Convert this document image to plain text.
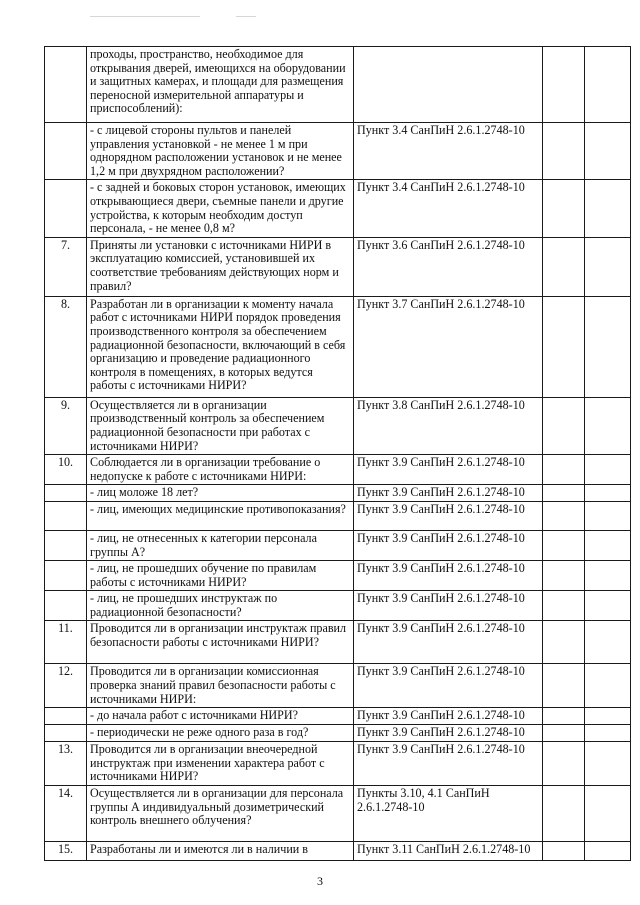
	проходы, пространство, необходимое для открывания дверей, имеющихся на оборудовании и защитных камерах, и площади для размещения переносной измерительной аппаратуры и приспособлений):			
	- с лицевой стороны пультов и панелей управления установкой - не менее 1 м при однорядном расположении установок и не менее 1,2 м при двухрядном расположении?	Пункт 3.4 СанПиН 2.6.1.2748-10		
	- с задней и боковых сторон установок, имеющих открывающиеся двери, съемные панели и другие устройства, к которым необходим доступ персонала, - не менее 0,8 м?	Пункт 3.4 СанПиН 2.6.1.2748-10		
7.	Приняты ли установки с источниками НИРИ в эксплуатацию комиссией, установившей их соответствие требованиям действующих норм и правил?	Пункт 3.6 СанПиН 2.6.1.2748-10		
8.	Разработан ли в организации к моменту начала работ с источниками НИРИ порядок проведения производственного контроля за обеспечением радиационной безопасности, включающий в себя организацию и проведение радиационного контроля в помещениях, в которых ведутся работы с источниками НИРИ?	Пункт 3.7 СанПиН 2.6.1.2748-10		
9.	Осуществляется ли в организации производственный контроль за обеспечением радиационной безопасности при работах с источниками НИРИ?	Пункт 3.8 СанПиН 2.6.1.2748-10		
10.	Соблюдается ли в организации требование о недопуске к работе с источниками НИРИ:	Пункт 3.9 СанПиН 2.6.1.2748-10		
	- лиц моложе 18 лет?	Пункт 3.9 СанПиН 2.6.1.2748-10		
	- лиц, имеющих медицинские противопоказания?	Пункт 3.9 СанПиН 2.6.1.2748-10		
	- лиц, не отнесенных к категории персонала группы А?	Пункт 3.9 СанПиН 2.6.1.2748-10		
	- лиц, не прошедших обучение по правилам работы с источниками НИРИ?	Пункт 3.9 СанПиН 2.6.1.2748-10		
	- лиц, не прошедших инструктаж по радиационной безопасности?	Пункт 3.9 СанПиН 2.6.1.2748-10		
11.	Проводится ли в организации инструктаж правил безопасности работы с источниками НИРИ?	Пункт 3.9 СанПиН 2.6.1.2748-10		
12.	Проводится ли в организации комиссионная проверка знаний правил безопасности работы с источниками НИРИ:	Пункт 3.9 СанПиН 2.6.1.2748-10		
	- до начала работ с источниками НИРИ?	Пункт 3.9 СанПиН 2.6.1.2748-10		
	- периодически не реже одного раза в год?	Пункт 3.9 СанПиН 2.6.1.2748-10		
13.	Проводится ли в организации внеочередной инструктаж при изменении характера работ с источниками НИРИ?	Пункт 3.9 СанПиН 2.6.1.2748-10		
14.	Осуществляется ли в организации для персонала группы А индивидуальный дозиметрический контроль внешнего облучения?	Пункты 3.10, 4.1 СанПиН 2.6.1.2748-10		
15.	Разработаны ли и имеются ли в наличии в	Пункт 3.11 СанПиН 2.6.1.2748-10		
3
